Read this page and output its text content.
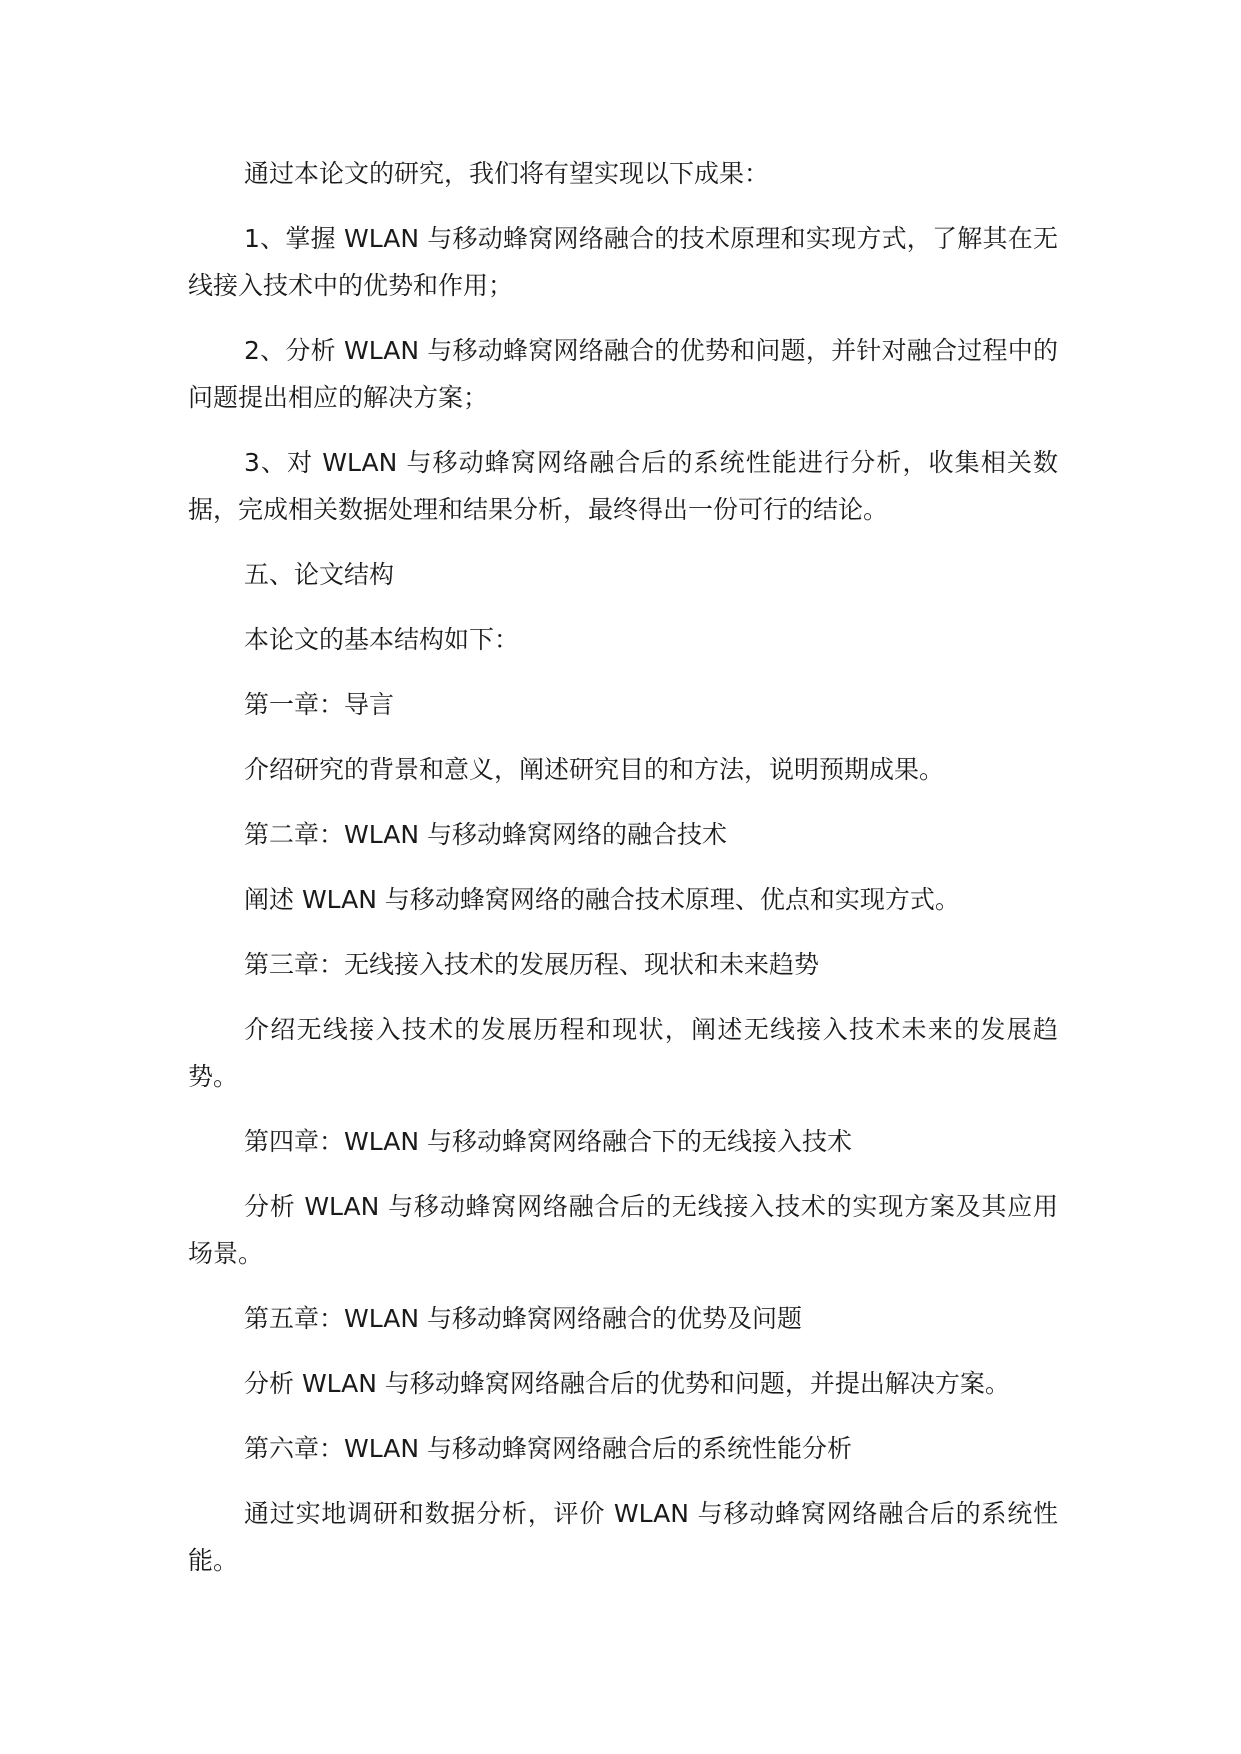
通过本论文的研究，我们将有望实现以下成果：

1、掌握 WLAN 与移动蜂窝网络融合的技术原理和实现方式，了解其在无线接入技术中的优势和作用；

2、分析 WLAN 与移动蜂窝网络融合的优势和问题，并针对融合过程中的问题提出相应的解决方案；

3、对 WLAN 与移动蜂窝网络融合后的系统性能进行分析，收集相关数据，完成相关数据处理和结果分析，最终得出一份可行的结论。

五、论文结构

本论文的基本结构如下：

第一章：导言

介绍研究的背景和意义，阐述研究目的和方法，说明预期成果。

第二章：WLAN 与移动蜂窝网络的融合技术

阐述 WLAN 与移动蜂窝网络的融合技术原理、优点和实现方式。

第三章：无线接入技术的发展历程、现状和未来趋势

介绍无线接入技术的发展历程和现状，阐述无线接入技术未来的发展趋势。

第四章：WLAN 与移动蜂窝网络融合下的无线接入技术

分析 WLAN 与移动蜂窝网络融合后的无线接入技术的实现方案及其应用场景。

第五章：WLAN 与移动蜂窝网络融合的优势及问题

分析 WLAN 与移动蜂窝网络融合后的优势和问题，并提出解决方案。

第六章：WLAN 与移动蜂窝网络融合后的系统性能分析

通过实地调研和数据分析，评价 WLAN 与移动蜂窝网络融合后的系统性能。
